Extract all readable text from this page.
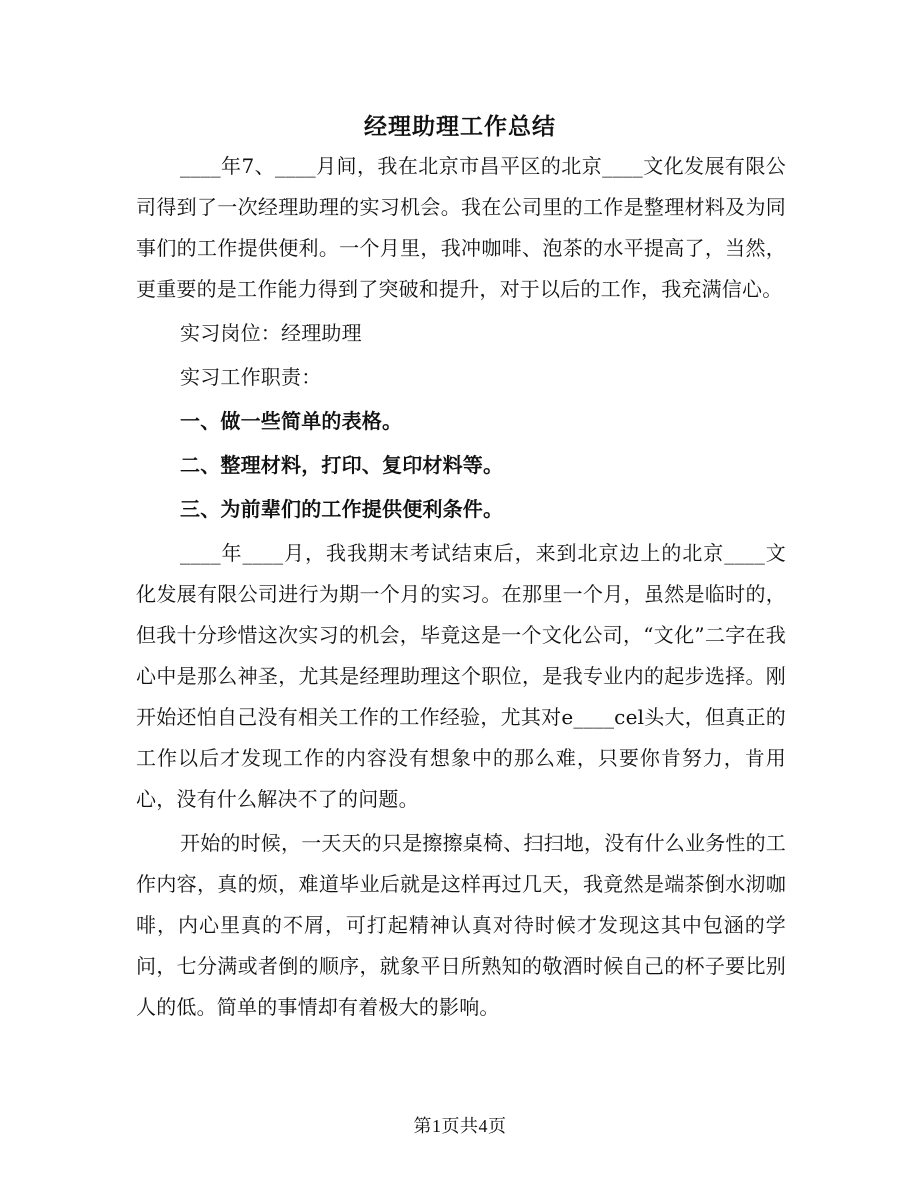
经理助理工作总结

____年7、____月间，我在北京市昌平区的北京____文化发展有限公司得到了一次经理助理的实习机会。我在公司里的工作是整理材料及为同事们的工作提供便利。一个月里，我冲咖啡、泡茶的水平提高了，当然，更重要的是工作能力得到了突破和提升，对于以后的工作，我充满信心。

实习岗位：经理助理

实习工作职责：

一、做一些简单的表格。

二、整理材料，打印、复印材料等。

三、为前辈们的工作提供便利条件。

____年____月，我我期末考试结束后，来到北京边上的北京____文化发展有限公司进行为期一个月的实习。在那里一个月，虽然是临时的，但我十分珍惜这次实习的机会，毕竟这是一个文化公司，“文化”二字在我心中是那么神圣，尤其是经理助理这个职位，是我专业内的起步选择。刚开始还怕自己没有相关工作的工作经验，尤其对e____cel头大，但真正的工作以后才发现工作的内容没有想象中的那么难，只要你肯努力，肯用心，没有什么解决不了的问题。

开始的时候，一天天的只是擦擦桌椅、扫扫地，没有什么业务性的工作内容，真的烦，难道毕业后就是这样再过几天，我竟然是端茶倒水沏咖啡，内心里真的不屑，可打起精神认真对待时候才发现这其中包涵的学问，七分满或者倒的顺序，就象平日所熟知的敬酒时候自己的杯子要比别人的低。简单的事情却有着极大的影响。

第1页共4页
